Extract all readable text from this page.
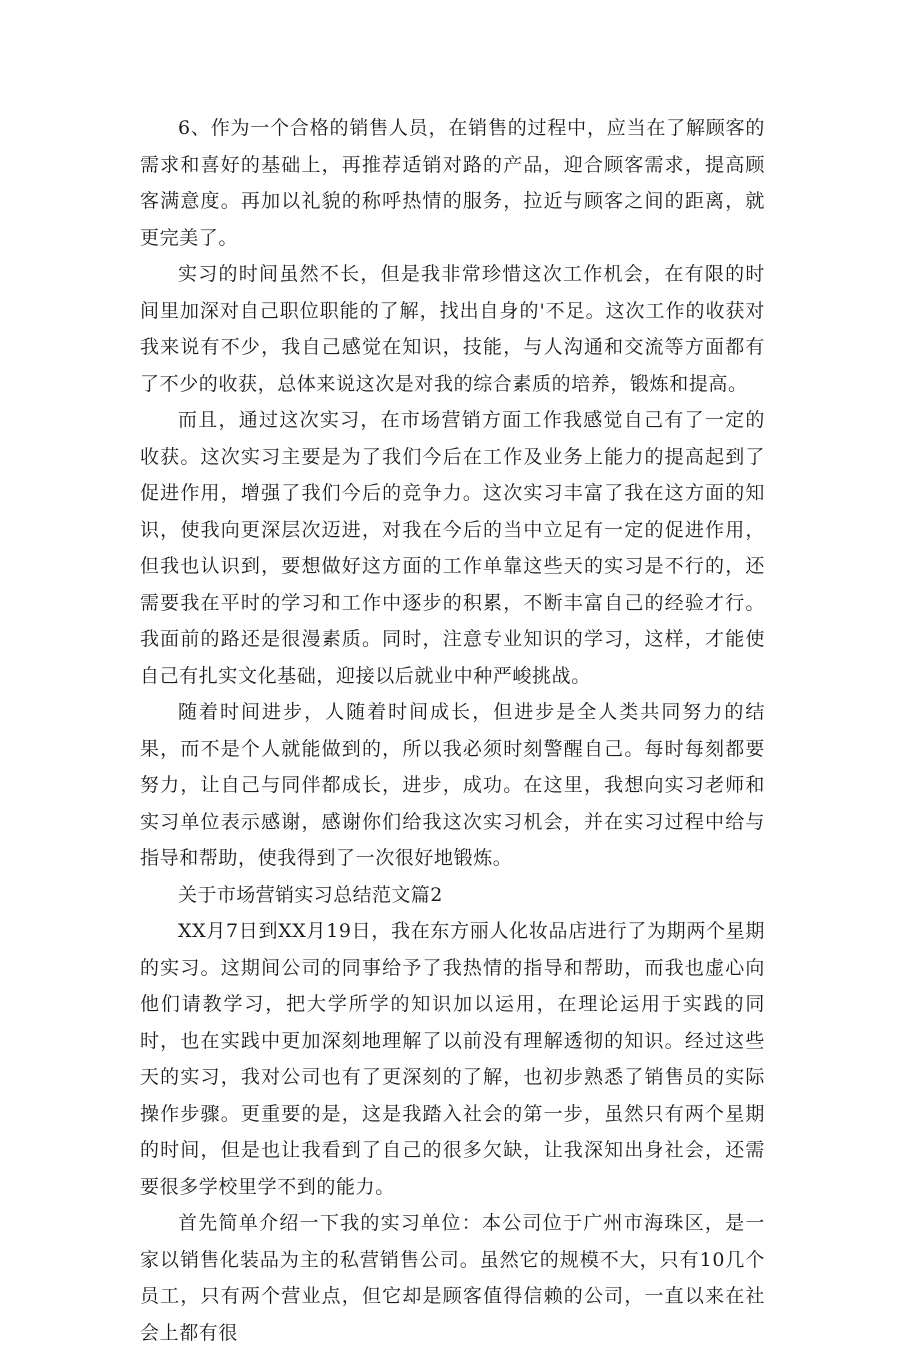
6、作为一个合格的销售人员，在销售的过程中，应当在了解顾客的需求和喜好的基础上，再推荐适销对路的产品，迎合顾客需求，提高顾客满意度。再加以礼貌的称呼热情的服务，拉近与顾客之间的距离，就更完美了。

实习的时间虽然不长，但是我非常珍惜这次工作机会，在有限的时间里加深对自己职位职能的了解，找出自身的'不足。这次工作的收获对我来说有不少，我自己感觉在知识，技能，与人沟通和交流等方面都有了不少的收获，总体来说这次是对我的综合素质的培养，锻炼和提高。

而且，通过这次实习，在市场营销方面工作我感觉自己有了一定的收获。这次实习主要是为了我们今后在工作及业务上能力的提高起到了促进作用，增强了我们今后的竞争力。这次实习丰富了我在这方面的知识，使我向更深层次迈进，对我在今后的当中立足有一定的促进作用，但我也认识到，要想做好这方面的工作单靠这些天的实习是不行的，还需要我在平时的学习和工作中逐步的积累，不断丰富自己的经验才行。我面前的路还是很漫素质。同时，注意专业知识的学习，这样，才能使自己有扎实文化基础，迎接以后就业中种严峻挑战。

随着时间进步，人随着时间成长，但进步是全人类共同努力的结果，而不是个人就能做到的，所以我必须时刻警醒自己。每时每刻都要努力，让自己与同伴都成长，进步，成功。在这里，我想向实习老师和实习单位表示感谢，感谢你们给我这次实习机会，并在实习过程中给与指导和帮助，使我得到了一次很好地锻炼。

关于市场营销实习总结范文篇2

XX月7日到XX月19日，我在东方丽人化妆品店进行了为期两个星期的实习。这期间公司的同事给予了我热情的指导和帮助，而我也虚心向他们请教学习，把大学所学的知识加以运用，在理论运用于实践的同时，也在实践中更加深刻地理解了以前没有理解透彻的知识。经过这些天的实习，我对公司也有了更深刻的了解，也初步熟悉了销售员的实际操作步骤。更重要的是，这是我踏入社会的第一步，虽然只有两个星期的时间，但是也让我看到了自己的很多欠缺，让我深知出身社会，还需要很多学校里学不到的能力。

首先简单介绍一下我的实习单位：本公司位于广州市海珠区，是一家以销售化装品为主的私营销售公司。虽然它的规模不大，只有10几个员工，只有两个营业点，但它却是顾客值得信赖的公司，一直以来在社会上都有很
